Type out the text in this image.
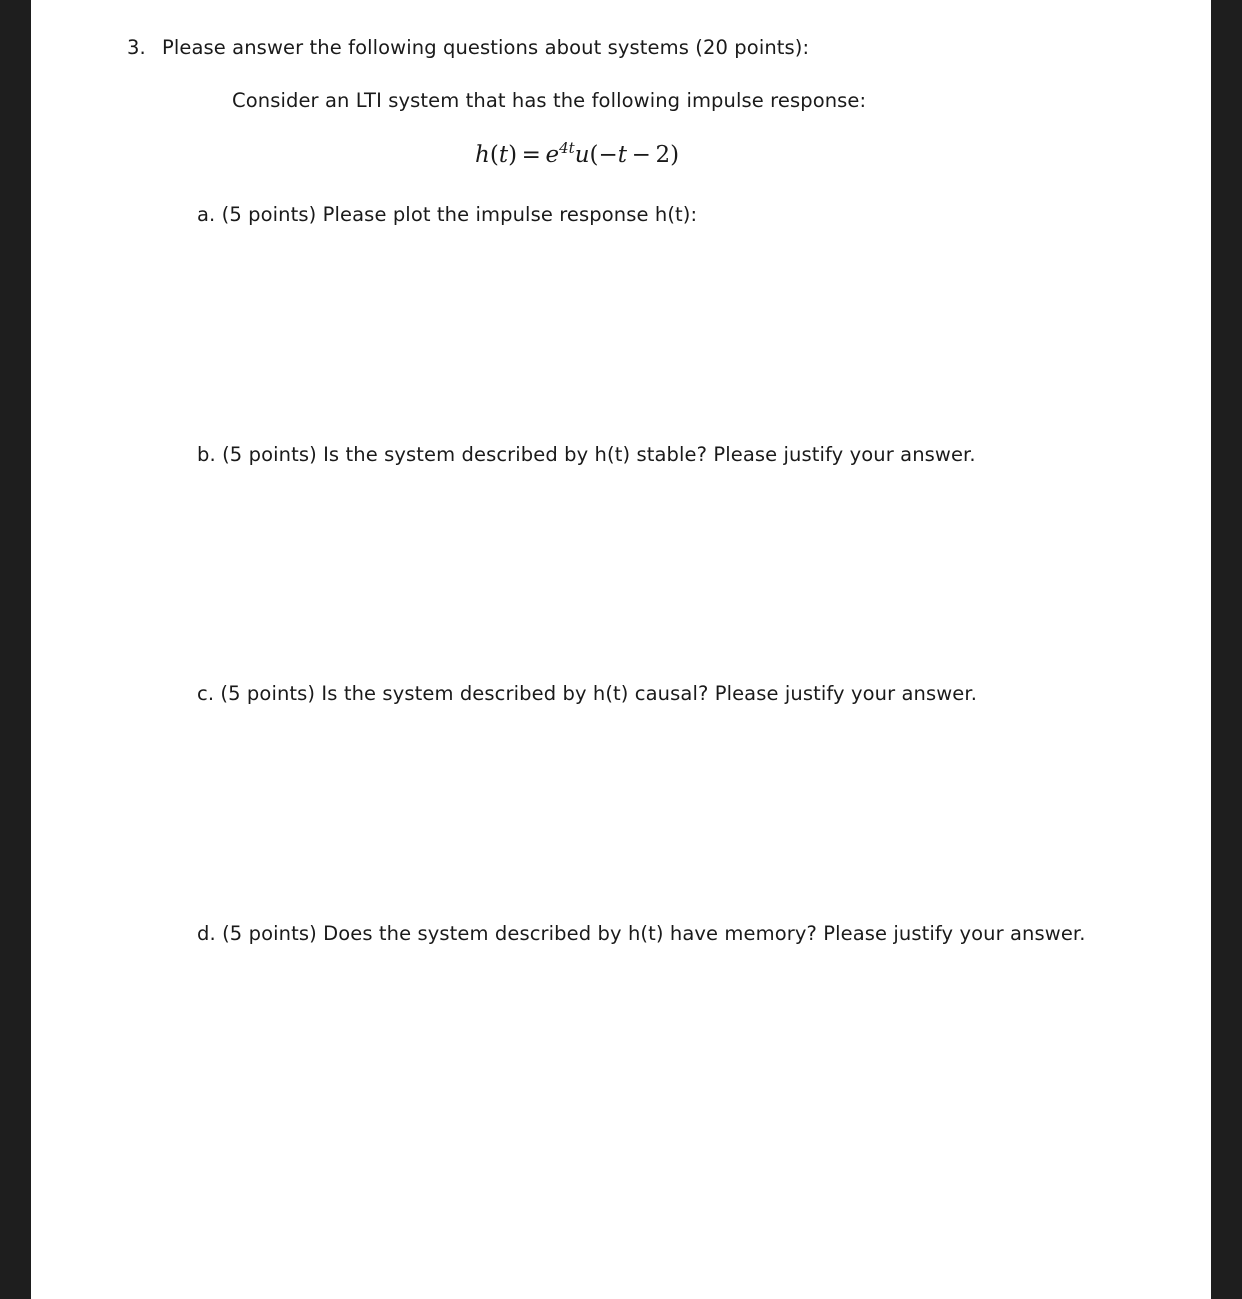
3. Please answer the following questions about systems (20 points):
Consider an LTI system that has the following impulse response:
$h(t) = e^{4t}u(-t - 2)$
a. (5 points) Please plot the impulse response h(t):
b. (5 points) Is the system described by h(t) stable? Please justify your answer.
c. (5 points) Is the system described by h(t) causal? Please justify your answer.
d. (5 points) Does the system described by h(t) have memory? Please justify your answer.
